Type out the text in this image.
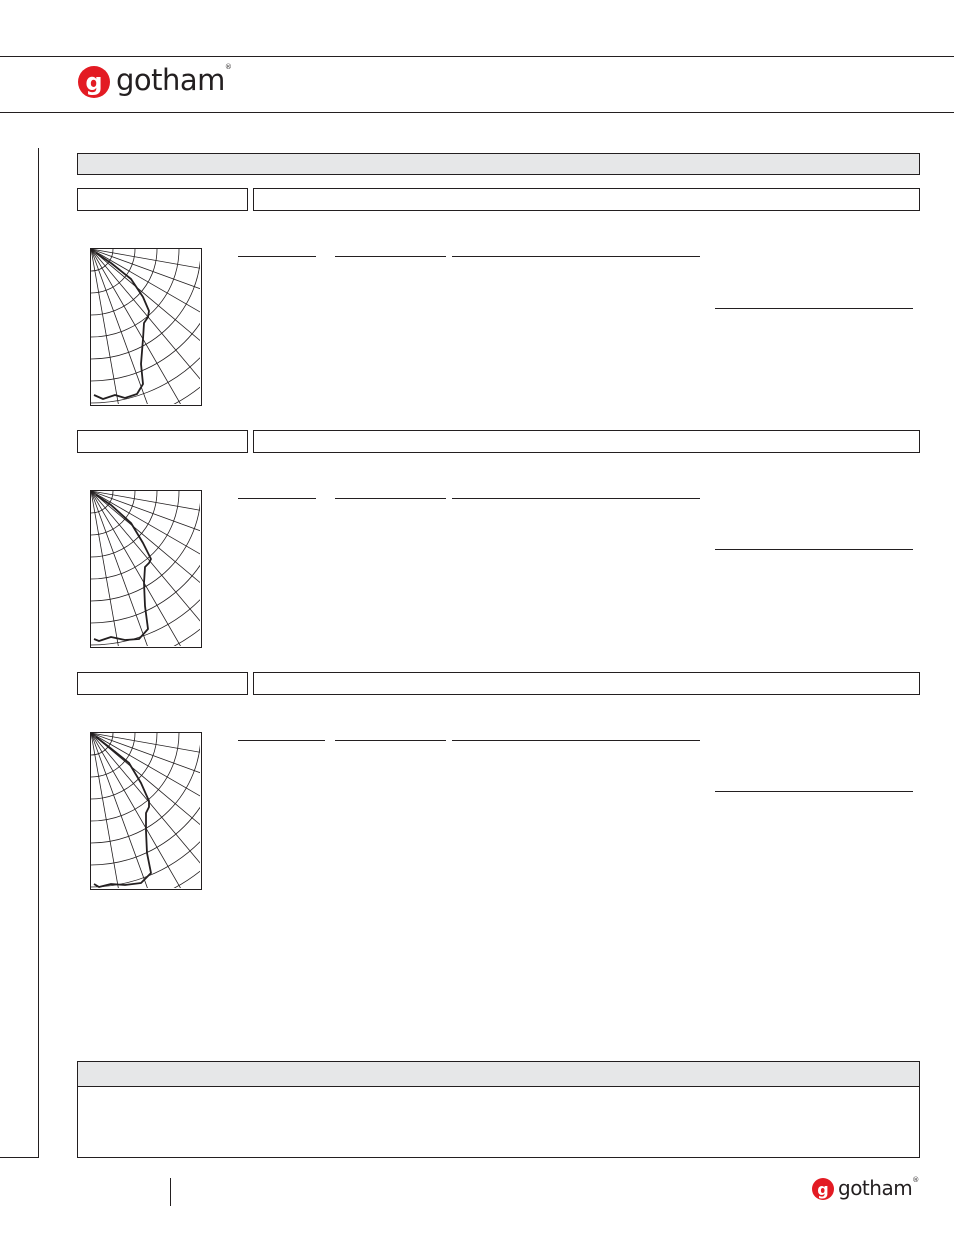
g gotham®
g gotham®
